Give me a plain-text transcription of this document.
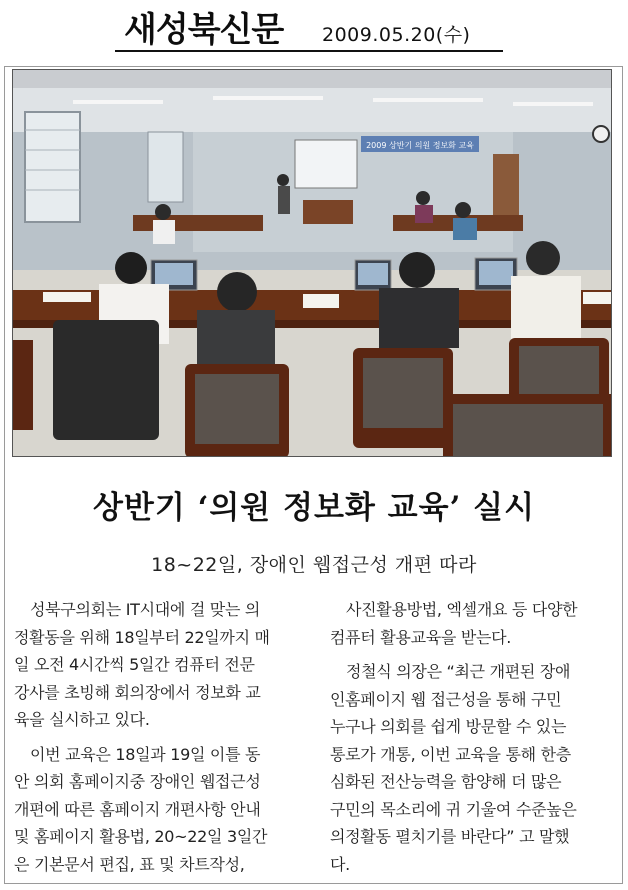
새성북신문 2009.05.20(수)
2009 상반기 의원 정보화 교육
상반기 ‘의원 정보화 교육’ 실시
18~22일, 장애인 웹접근성 개편 따라

성북구의회는 IT시대에 걸 맞는 의
정활동을 위해 18일부터 22일까지 매
일 오전 4시간씩 5일간 컴퓨터 전문
강사를 초빙해 회의장에서 정보화 교
육을 실시하고 있다.

이번 교육은 18일과 19일 이틀 동
안 의회 홈페이지중 장애인 웹접근성
개편에 따른 홈페이지 개편사항 안내
및 홈페이지 활용법, 20~22일 3일간
은 기본문서 편집, 표 및 차트작성,

사진활용방법, 엑셀개요 등 다양한
컴퓨터 활용교육을 받는다.

정철식 의장은 “최근 개편된 장애
인홈페이지 웹 접근성을 통해 구민
누구나 의회를 쉽게 방문할 수 있는
통로가 개통, 이번 교육을 통해 한층
심화된 전산능력을 함양해 더 많은
구민의 목소리에 귀 기울여 수준높은
의정활동 펼치기를 바란다” 고 말했
다.
